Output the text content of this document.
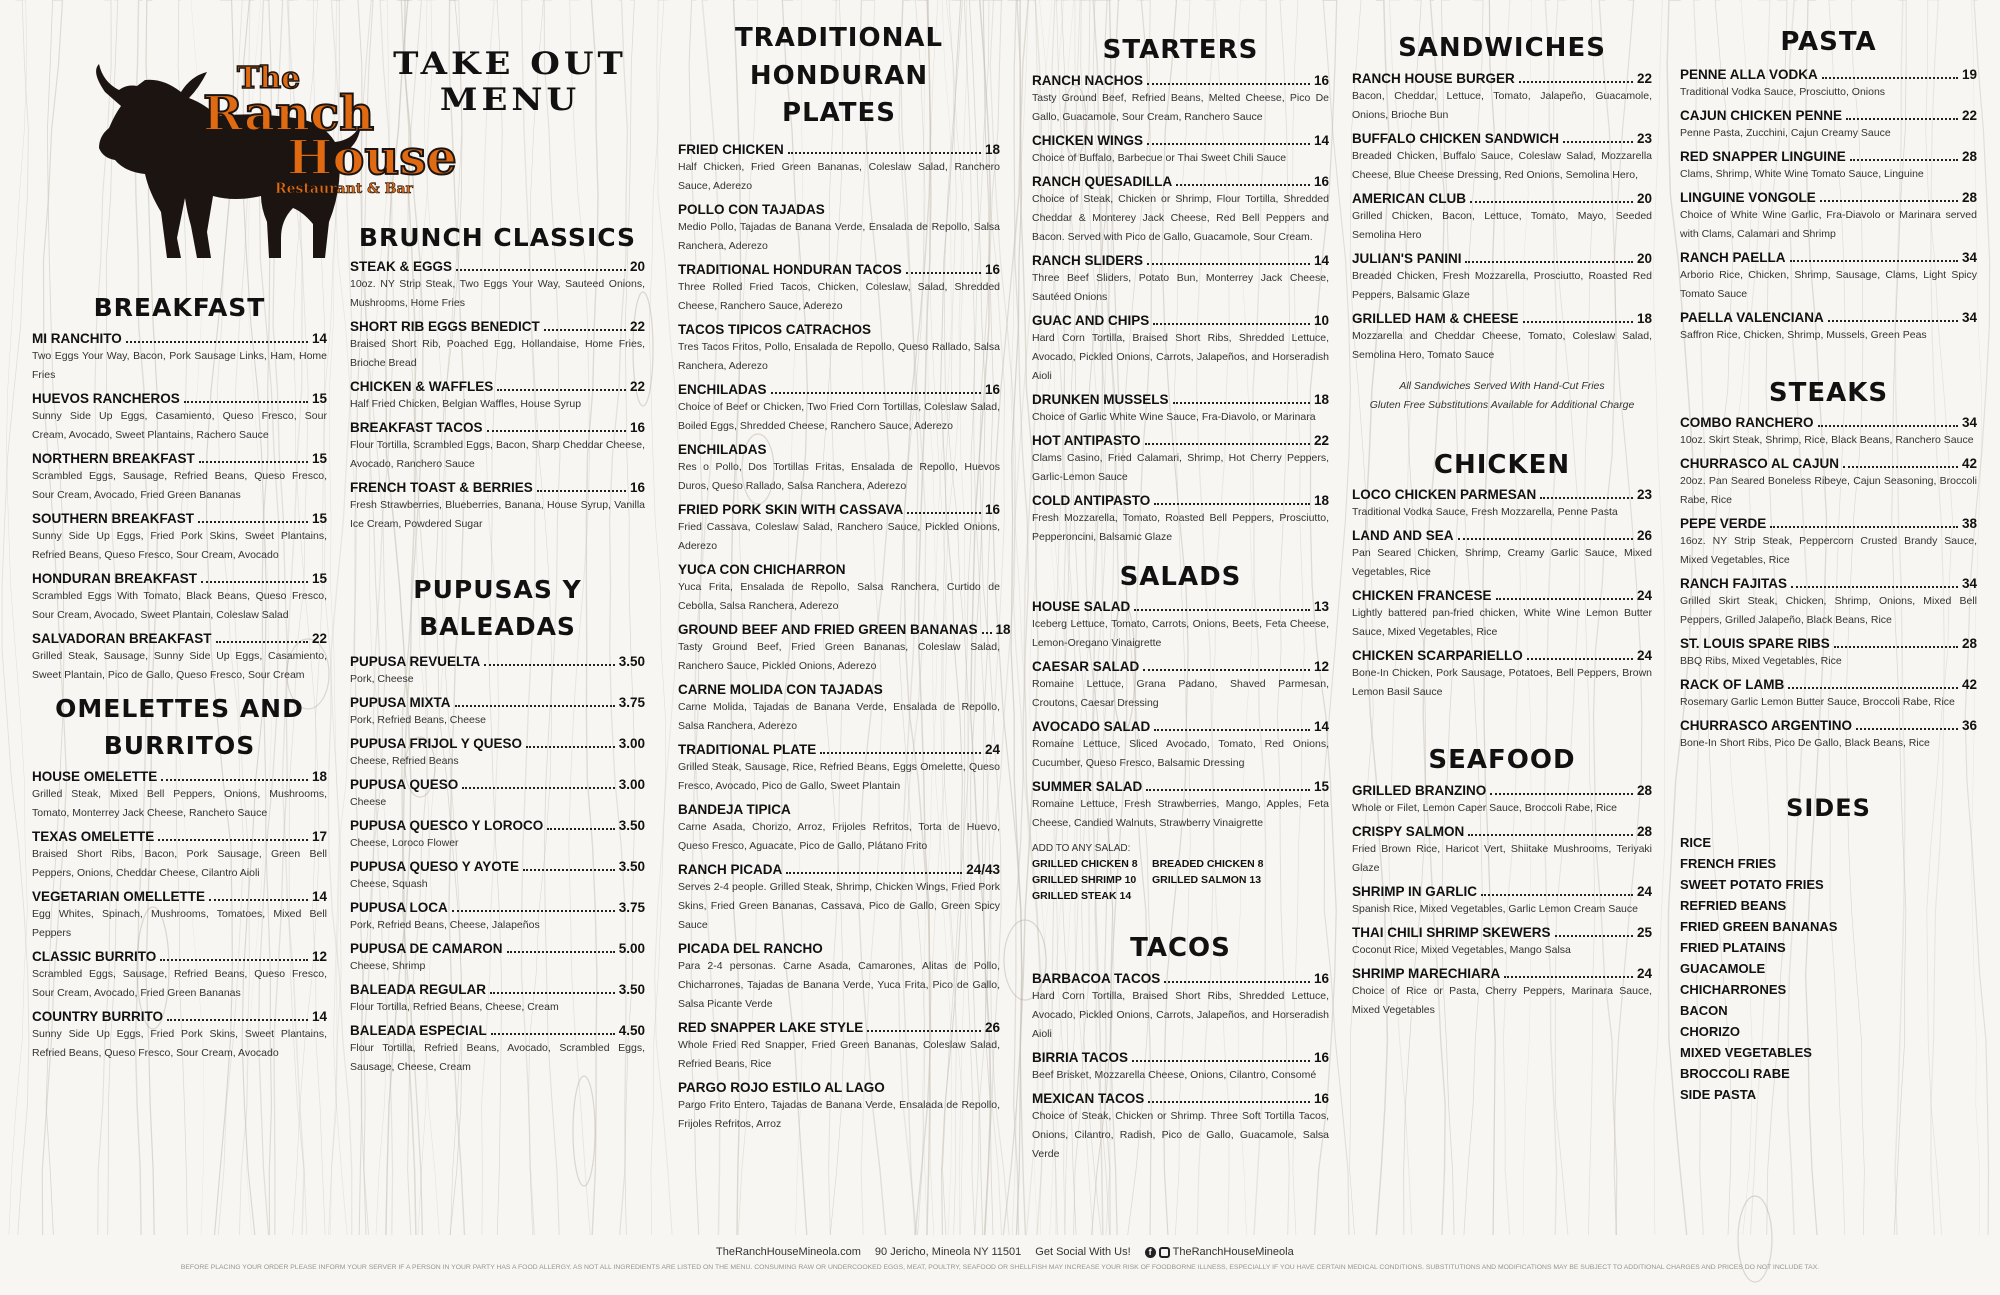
The
Ranch
House
Restaurant & Bar
TAKE OUT MENU
BREAKFAST
MI RANCHITO	14
Two Eggs Your Way, Bacon, Pork Sausage Links, Ham, Home Fries
HUEVOS RANCHEROS	15
Sunny Side Up Eggs, Casamiento, Queso Fresco, Sour Cream, Avocado, Sweet Plantains, Rachero Sauce
NORTHERN BREAKFAST	15
Scrambled Eggs, Sausage, Refried Beans, Queso Fresco, Sour Cream, Avocado, Fried Green Bananas
SOUTHERN BREAKFAST	15
Sunny Side Up Eggs, Fried Pork Skins, Sweet Plantains, Refried Beans, Queso Fresco, Sour Cream, Avocado
HONDURAN BREAKFAST	15
Scrambled Eggs With Tomato, Black Beans, Queso Fresco, Sour Cream, Avocado, Sweet Plantain, Coleslaw Salad
SALVADORAN BREAKFAST	22
Grilled Steak, Sausage, Sunny Side Up Eggs, Casamiento, Sweet Plantain, Pico de Gallo, Queso Fresco, Sour Cream
OMELETTES AND BURRITOS
HOUSE OMELETTE	18
Grilled Steak, Mixed Bell Peppers, Onions, Mushrooms, Tomato, Monterrey Jack Cheese, Ranchero Sauce
TEXAS OMELETTE	17
Braised Short Ribs, Bacon, Pork Sausage, Green Bell Peppers, Onions, Cheddar Cheese, Cilantro Aioli
VEGETARIAN OMELLETTE	14
Egg Whites, Spinach, Mushrooms, Tomatoes, Mixed Bell Peppers
CLASSIC BURRITO	12
Scrambled Eggs, Sausage, Refried Beans, Queso Fresco, Sour Cream, Avocado, Fried Green Bananas
COUNTRY BURRITO	14
Sunny Side Up Eggs, Fried Pork Skins, Sweet Plantains, Refried Beans, Queso Fresco, Sour Cream, Avocado
BRUNCH CLASSICS
STEAK & EGGS	20
10oz. NY Strip Steak, Two Eggs Your Way, Sauteed Onions, Mushrooms, Home Fries
SHORT RIB EGGS BENEDICT	22
Braised Short Rib, Poached Egg, Hollandaise, Home Fries, Brioche Bread
CHICKEN & WAFFLES	22
Half Fried Chicken, Belgian Waffles, House Syrup
BREAKFAST TACOS	16
Flour Tortilla, Scrambled Eggs, Bacon, Sharp Cheddar Cheese, Avocado, Ranchero Sauce
FRENCH TOAST & BERRIES	16
Fresh Strawberries, Blueberries, Banana, House Syrup, Vanilla Ice Cream, Powdered Sugar
PUPUSAS Y BALEADAS
PUPUSA REVUELTA	3.50
Pork, Cheese
PUPUSA MIXTA	3.75
Pork, Refried Beans, Cheese
PUPUSA FRIJOL Y QUESO	3.00
Cheese, Refried Beans
PUPUSA QUESO	3.00
Cheese
PUPUSA QUESCO Y LOROCO	3.50
Cheese, Loroco Flower
PUPUSA QUESO Y AYOTE	3.50
Cheese, Squash
PUPUSA LOCA	3.75
Pork, Refried Beans, Cheese, Jalapeños
PUPUSA DE CAMARON	5.00
Cheese, Shrimp
BALEADA REGULAR	3.50
Flour Tortilla, Refried Beans, Cheese, Cream
BALEADA ESPECIAL	4.50
Flour Tortilla, Refried Beans, Avocado, Scrambled Eggs, Sausage, Cheese, Cream
TRADITIONAL HONDURAN PLATES
FRIED CHICKEN	18
Half Chicken, Fried Green Bananas, Coleslaw Salad, Ranchero Sauce, Aderezo
POLLO CON TAJADAS
Medio Pollo, Tajadas de Banana Verde, Ensalada de Repollo, Salsa Ranchera, Aderezo
TRADITIONAL HONDURAN TACOS	16
Three Rolled Fried Tacos, Chicken, Coleslaw, Salad, Shredded Cheese, Ranchero Sauce, Aderezo
TACOS TIPICOS CATRACHOS
Tres Tacos Fritos, Pollo, Ensalada de Repollo, Queso Rallado, Salsa Ranchera, Aderezo
ENCHILADAS	16
Choice of Beef or Chicken, Two Fried Corn Tortillas, Coleslaw Salad, Boiled Eggs, Shredded Cheese, Ranchero Sauce, Aderezo
ENCHILADAS
Res o Pollo, Dos Tortillas Fritas, Ensalada de Repollo, Huevos Duros, Queso Rallado, Salsa Ranchera, Aderezo
FRIED PORK SKIN WITH CASSAVA	16
Fried Cassava, Coleslaw Salad, Ranchero Sauce, Pickled Onions, Aderezo
YUCA CON CHICHARRON
Yuca Frita, Ensalada de Repollo, Salsa Ranchera, Curtido de Cebolla, Salsa Ranchera, Aderezo
GROUND BEEF AND FRIED GREEN BANANAS 18
Tasty Ground Beef, Fried Green Bananas, Coleslaw Salad, Ranchero Sauce, Pickled Onions, Aderezo
CARNE MOLIDA CON TAJADAS
Carne Molida, Tajadas de Banana Verde, Ensalada de Repollo, Salsa Ranchera, Aderezo
TRADITIONAL PLATE	24
Grilled Steak, Sausage, Rice, Refried Beans, Eggs Omelette, Queso Fresco, Avocado, Pico de Gallo, Sweet Plantain
BANDEJA TIPICA
Carne Asada, Chorizo, Arroz, Frijoles Refritos, Torta de Huevo, Queso Fresco, Aguacate, Pico de Gallo, Plátano Frito
RANCH PICADA	24/43
Serves 2-4 people. Grilled Steak, Shrimp, Chicken Wings, Fried Pork Skins, Fried Green Bananas, Cassava, Pico de Gallo, Green Spicy Sauce
PICADA DEL RANCHO
Para 2-4 personas. Carne Asada, Camarones, Alitas de Pollo, Chicharrones, Tajadas de Banana Verde, Yuca Frita, Pico de Gallo, Salsa Picante Verde
RED SNAPPER LAKE STYLE	26
Whole Fried Red Snapper, Fried Green Bananas, Coleslaw Salad, Refried Beans, Rice
PARGO ROJO ESTILO AL LAGO
Pargo Frito Entero, Tajadas de Banana Verde, Ensalada de Repollo, Frijoles Refritos, Arroz
STARTERS
RANCH NACHOS	16
Tasty Ground Beef, Refried Beans, Melted Cheese, Pico De Gallo, Guacamole, Sour Cream, Ranchero Sauce
CHICKEN WINGS	14
Choice of Buffalo, Barbecue or Thai Sweet Chili Sauce
RANCH QUESADILLA	16
Choice of Steak, Chicken or Shrimp, Flour Tortilla, Shredded Cheddar & Monterey Jack Cheese, Red Bell Peppers and Bacon. Served with Pico de Gallo, Guacamole, Sour Cream.
RANCH SLIDERS	14
Three Beef Sliders, Potato Bun, Monterrey Jack Cheese, Sautéed Onions
GUAC AND CHIPS	10
Hard Corn Tortilla, Braised Short Ribs, Shredded Lettuce, Avocado, Pickled Onions, Carrots, Jalapeños, and Horseradish Aioli
DRUNKEN MUSSELS	18
Choice of Garlic White Wine Sauce, Fra-Diavolo, or Marinara
HOT ANTIPASTO	22
Clams Casino, Fried Calamari, Shrimp, Hot Cherry Peppers, Garlic-Lemon Sauce
COLD ANTIPASTO	18
Fresh Mozzarella, Tomato, Roasted Bell Peppers, Prosciutto, Pepperoncini, Balsamic Glaze
SALADS
HOUSE SALAD	13
Iceberg Lettuce, Tomato, Carrots, Onions, Beets, Feta Cheese, Lemon-Oregano Vinaigrette
CAESAR SALAD	12
Romaine Lettuce, Grana Padano, Shaved Parmesan, Croutons, Caesar Dressing
AVOCADO SALAD	14
Romaine Lettuce, Sliced Avocado, Tomato, Red Onions, Cucumber, Queso Fresco, Balsamic Dressing
SUMMER SALAD	15
Romaine Lettuce, Fresh Strawberries, Mango, Apples, Feta Cheese, Candied Walnuts, Strawberry Vinaigrette
ADD TO ANY SALAD:
GRILLED CHICKEN 8	BREADED CHICKEN 8
GRILLED SHRIMP 10	GRILLED SALMON 13
GRILLED STEAK 14
TACOS
BARBACOA TACOS	16
Hard Corn Tortilla, Braised Short Ribs, Shredded Lettuce, Avocado, Pickled Onions, Carrots, Jalapeños, and Horseradish Aioli
BIRRIA TACOS	16
Beef Brisket, Mozzarella Cheese, Onions, Cilantro, Consomé
MEXICAN TACOS	16
Choice of Steak, Chicken or Shrimp. Three Soft Tortilla Tacos, Onions, Cilantro, Radish, Pico de Gallo, Guacamole, Salsa Verde
SANDWICHES
RANCH HOUSE BURGER	22
Bacon, Cheddar, Lettuce, Tomato, Jalapeño, Guacamole, Onions, Brioche Bun
BUFFALO CHICKEN SANDWICH	23
Breaded Chicken, Buffalo Sauce, Coleslaw Salad, Mozzarella Cheese, Blue Cheese Dressing, Red Onions, Semolina Hero,
AMERICAN CLUB	20
Grilled Chicken, Bacon, Lettuce, Tomato, Mayo, Seeded Semolina Hero
JULIAN'S PANINI	20
Breaded Chicken, Fresh Mozzarella, Prosciutto, Roasted Red Peppers, Balsamic Glaze
GRILLED HAM & CHEESE	18
Mozzarella and Cheddar Cheese, Tomato, Coleslaw Salad, Semolina Hero, Tomato Sauce
All Sandwiches Served With Hand-Cut Fries
Gluten Free Substitutions Available for Additional Charge
CHICKEN
LOCO CHICKEN PARMESAN	23
Traditional Vodka Sauce, Fresh Mozzarella, Penne Pasta
LAND AND SEA	26
Pan Seared Chicken, Shrimp, Creamy Garlic Sauce, Mixed Vegetables, Rice
CHICKEN FRANCESE	24
Lightly battered pan-fried chicken, White Wine Lemon Butter Sauce, Mixed Vegetables, Rice
CHICKEN SCARPARIELLO	24
Bone-In Chicken, Pork Sausage, Potatoes, Bell Peppers, Brown Lemon Basil Sauce
SEAFOOD
GRILLED BRANZINO	28
Whole or Filet, Lemon Caper Sauce, Broccoli Rabe, Rice
CRISPY SALMON	28
Fried Brown Rice, Haricot Vert, Shiitake Mushrooms, Teriyaki Glaze
SHRIMP IN GARLIC	24
Spanish Rice, Mixed Vegetables, Garlic Lemon Cream Sauce
THAI CHILI SHRIMP SKEWERS	25
Coconut Rice, Mixed Vegetables, Mango Salsa
SHRIMP MARECHIARA	24
Choice of Rice or Pasta, Cherry Peppers, Marinara Sauce, Mixed Vegetables
PASTA
PENNE ALLA VODKA	19
Traditional Vodka Sauce, Prosciutto, Onions
CAJUN CHICKEN PENNE	22
Penne Pasta, Zucchini, Cajun Creamy Sauce
RED SNAPPER LINGUINE	28
Clams, Shrimp, White Wine Tomato Sauce, Linguine
LINGUINE VONGOLE	28
Choice of White Wine Garlic, Fra-Diavolo or Marinara served with Clams, Calamari and Shrimp
RANCH PAELLA	34
Arborio Rice, Chicken, Shrimp, Sausage, Clams, Light Spicy Tomato Sauce
PAELLA VALENCIANA	34
Saffron Rice, Chicken, Shrimp, Mussels, Green Peas
STEAKS
COMBO RANCHERO	34
10oz. Skirt Steak, Shrimp, Rice, Black Beans, Ranchero Sauce
CHURRASCO AL CAJUN	42
20oz. Pan Seared Boneless Ribeye, Cajun Seasoning, Broccoli Rabe, Rice
PEPE VERDE	38
16oz. NY Strip Steak, Peppercorn Crusted Brandy Sauce, Mixed Vegetables, Rice
RANCH FAJITAS	34
Grilled Skirt Steak, Chicken, Shrimp, Onions, Mixed Bell Peppers, Grilled Jalapeño, Black Beans, Rice
ST. LOUIS SPARE RIBS	28
BBQ Ribs, Mixed Vegetables, Rice
RACK OF LAMB	42
Rosemary Garlic Lemon Butter Sauce, Broccoli Rabe, Rice
CHURRASCO ARGENTINO	36
Bone-In Short Ribs, Pico De Gallo, Black Beans, Rice
SIDES
RICE
FRENCH FRIES
SWEET POTATO FRIES
REFRIED BEANS
FRIED GREEN BANANAS
FRIED PLATAINS
GUACAMOLE
CHICHARRONES
BACON
CHORIZO
MIXED VEGETABLES
BROCCOLI RABE
SIDE PASTA
TheRanchHouseMineola.com 90 Jericho, Mineola NY 11501 Get Social With Us!	f	TheRanchHouseMineola
BEFORE PLACING YOUR ORDER PLEASE INFORM YOUR SERVER IF A PERSON IN YOUR PARTY HAS A FOOD ALLERGY. AS NOT ALL INGREDIENTS ARE LISTED ON THE MENU. CONSUMING RAW OR UNDERCOOKED EGGS, MEAT, POULTRY, SEAFOOD OR SHELLFISH MAY INCREASE YOUR RISK OF FOODBORNE ILLNESS, ESPECIALLY IF YOU HAVE CERTAIN MEDICAL CONDITIONS. SUBSTITUTIONS AND MODIFICATIONS MAY BE SUBJECT TO ADDITIONAL CHARGES AND PRICES DO NOT INCLUDE TAX.
